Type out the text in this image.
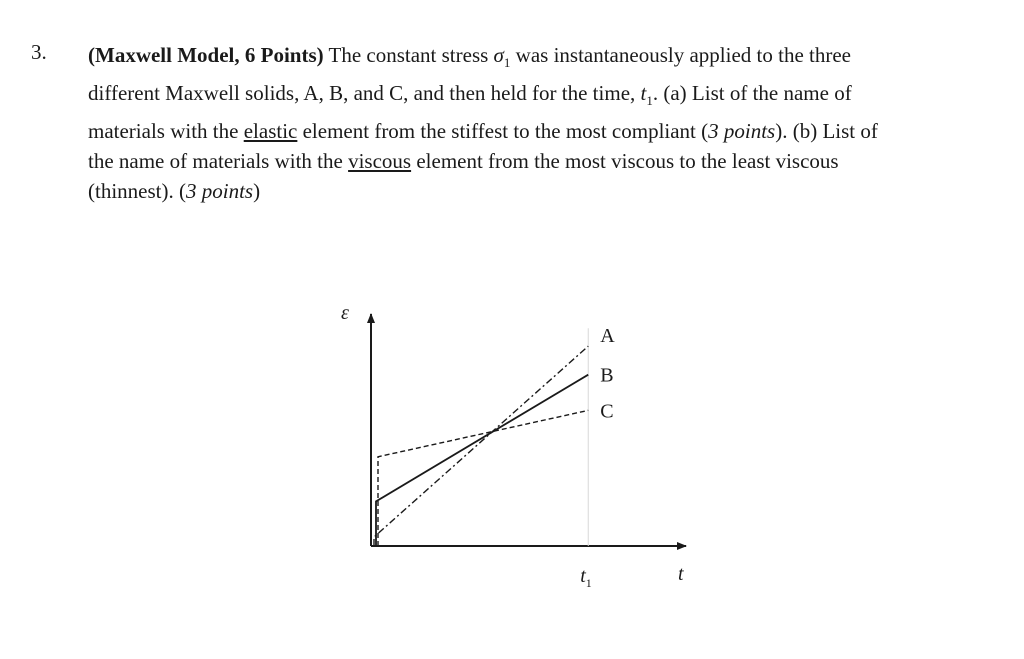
3. (Maxwell Model, 6 Points) The constant stress $\sigma_1$ was instantaneously applied to the three
different Maxwell solids, A, B, and C, and then held for the time, $t_1$. (a) List of the name of
materials with the elastic element from the stiffest to the most compliant (3 points). (b) List of
the name of materials with the viscous element from the most viscous to the least viscous
(thinnest). (3 points)
ε
t
$t_1$
A
B
C
